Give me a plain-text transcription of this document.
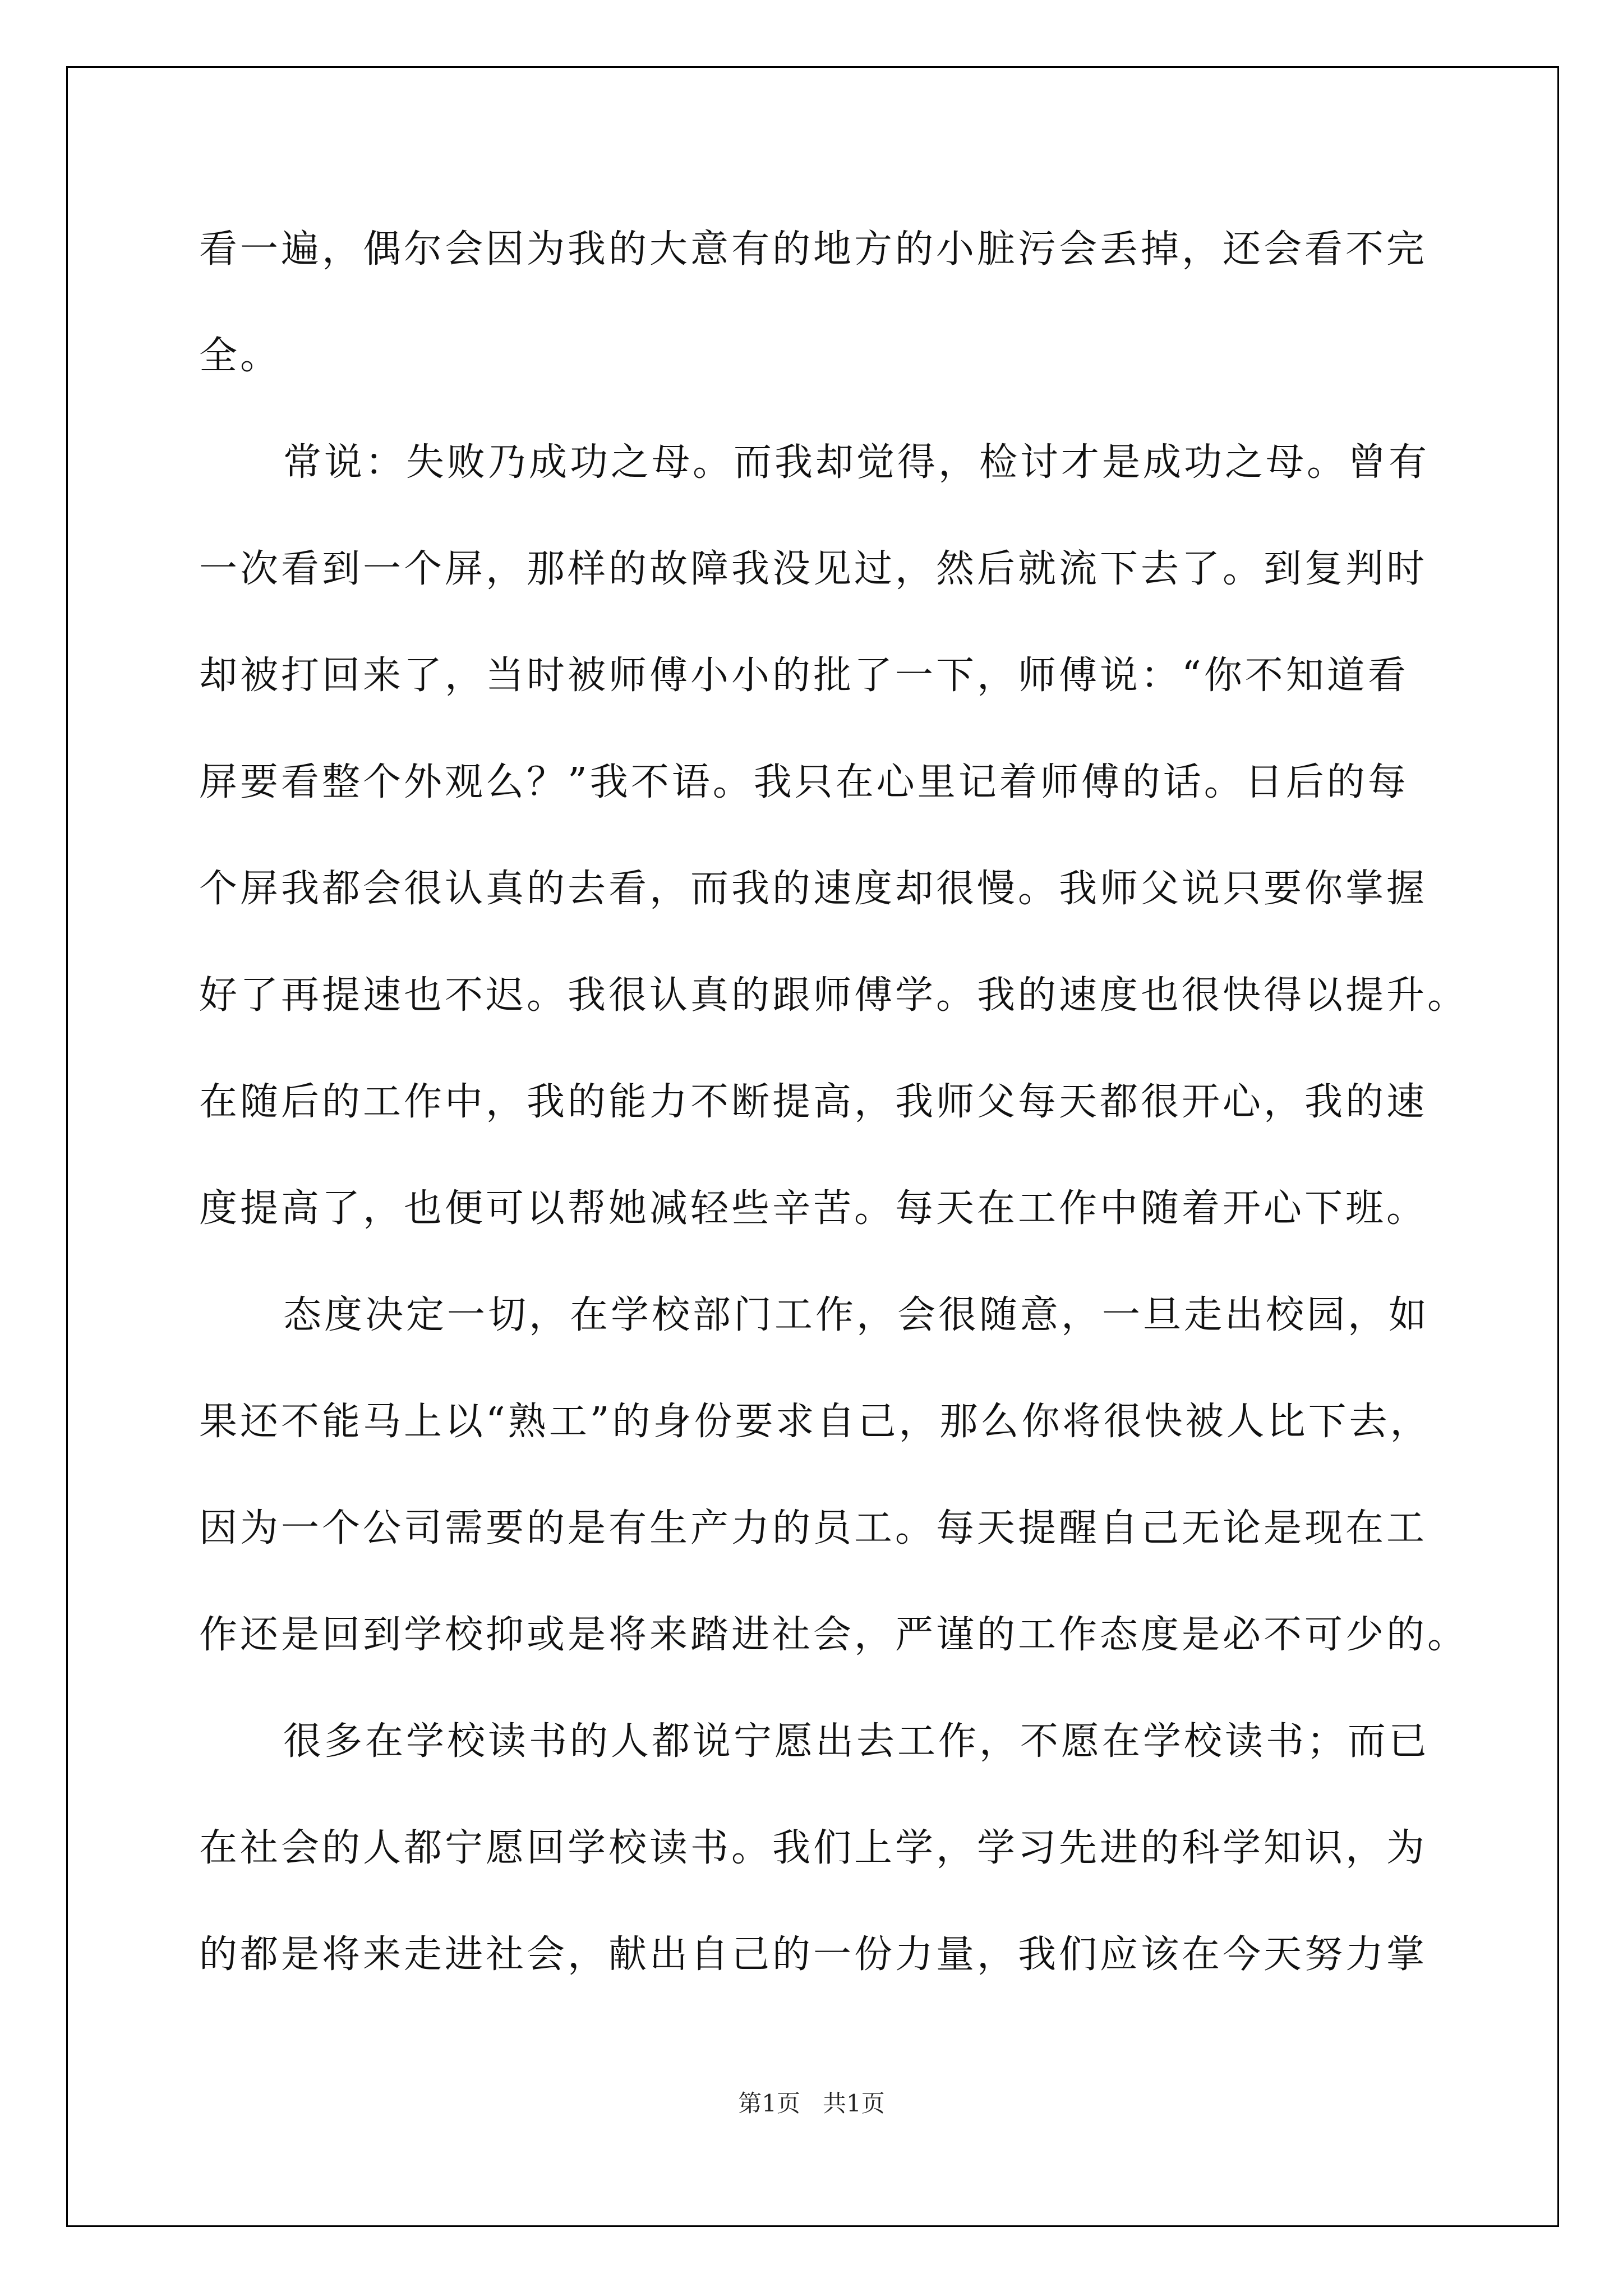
看一遍，偶尔会因为我的大意有的地方的小脏污会丢掉，还会看不完

全。

常说：失败乃成功之母。而我却觉得，检讨才是成功之母。曾有

一次看到一个屏，那样的故障我没见过，然后就流下去了。到复判时

却被打回来了，当时被师傅小小的批了一下，师傅说：“你不知道看

屏要看整个外观么？”我不语。我只在心里记着师傅的话。日后的每

个屏我都会很认真的去看，而我的速度却很慢。我师父说只要你掌握

好了再提速也不迟。我很认真的跟师傅学。我的速度也很快得以提升。

在随后的工作中，我的能力不断提高，我师父每天都很开心，我的速

度提高了，也便可以帮她减轻些辛苦。每天在工作中随着开心下班。

态度决定一切，在学校部门工作，会很随意，一旦走出校园，如

果还不能马上以“熟工”的身份要求自己，那么你将很快被人比下去，

因为一个公司需要的是有生产力的员工。每天提醒自己无论是现在工

作还是回到学校抑或是将来踏进社会，严谨的工作态度是必不可少的。

很多在学校读书的人都说宁愿出去工作，不愿在学校读书；而已

在社会的人都宁愿回学校读书。我们上学，学习先进的科学知识，为

的都是将来走进社会，献出自己的一份力量，我们应该在今天努力掌

第1页   共1页
